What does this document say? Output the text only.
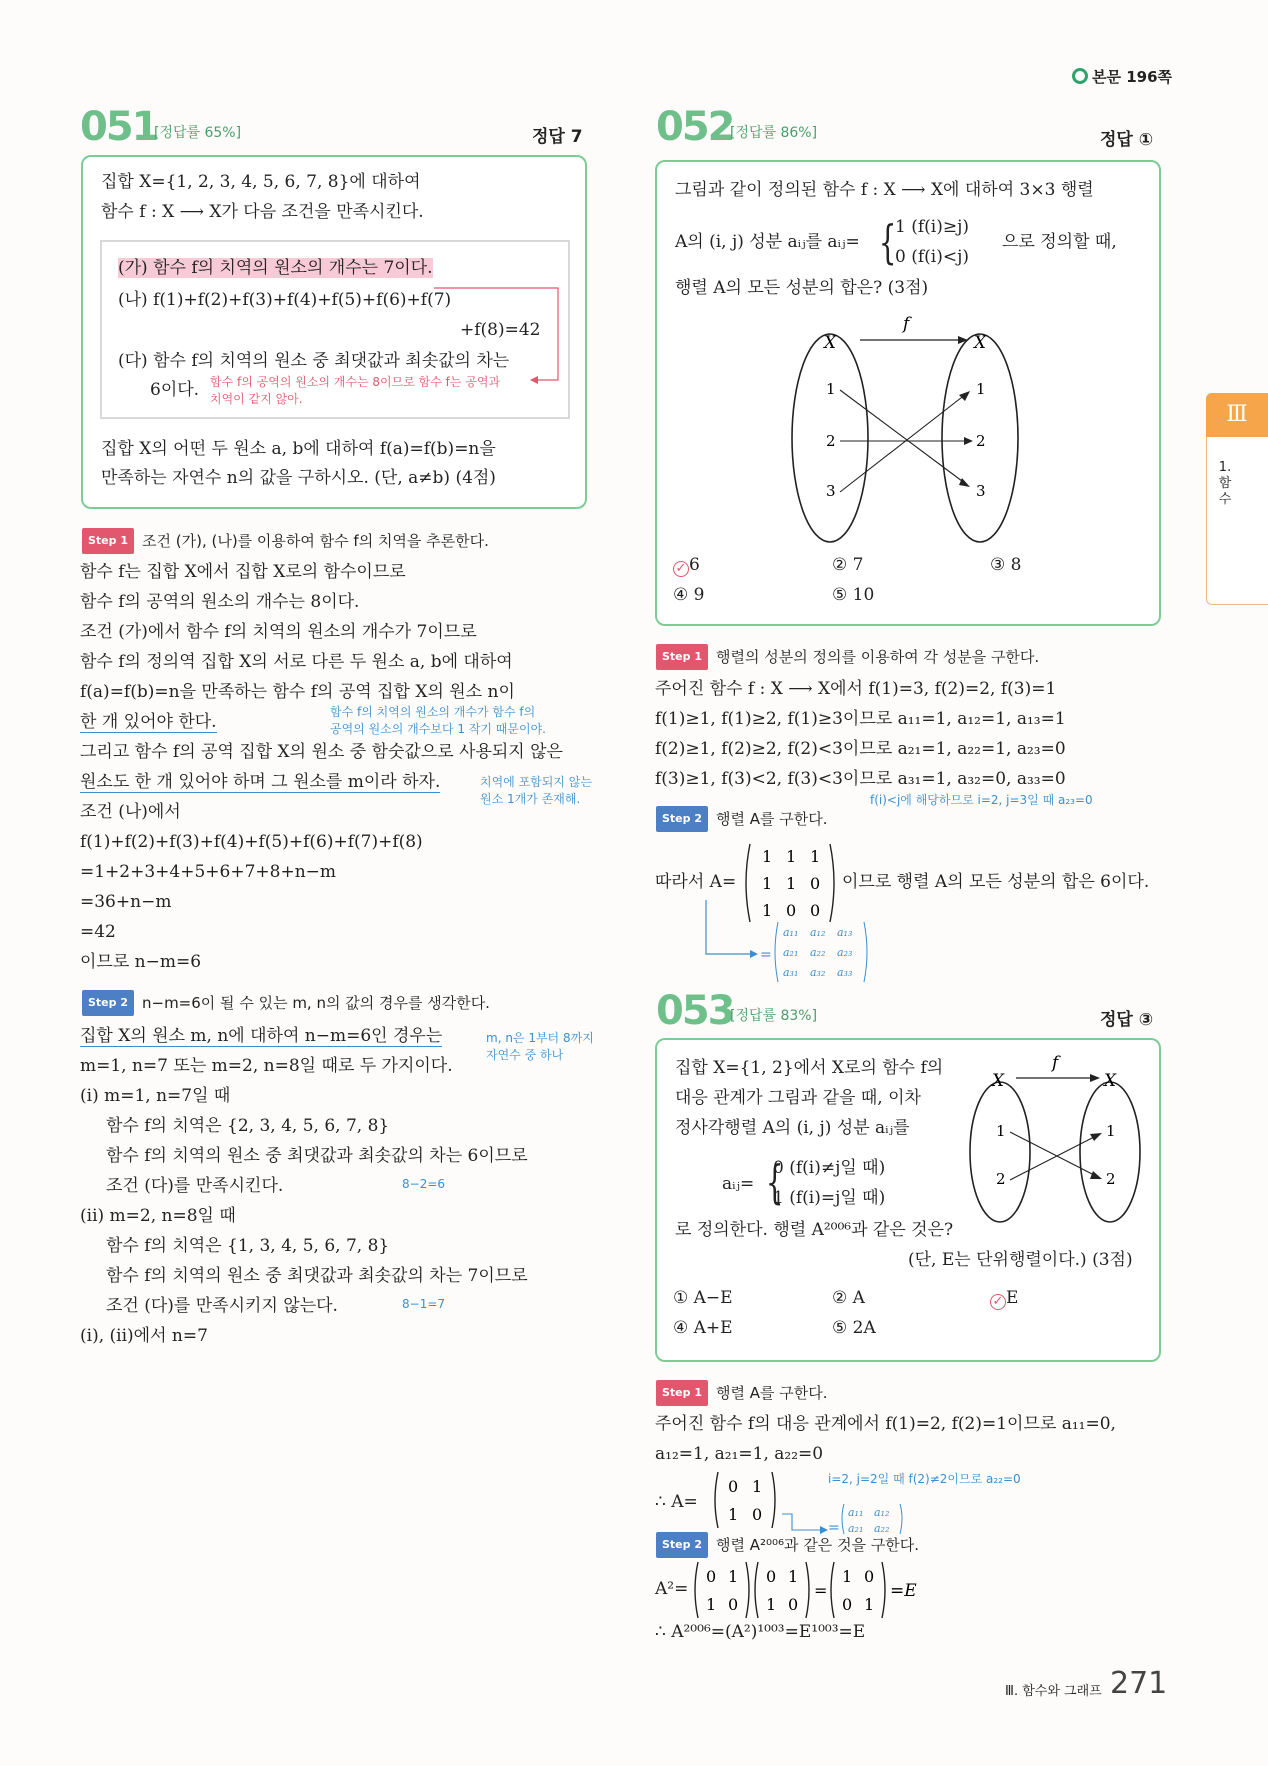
본문 196쪽
Ⅲ
1.
함
수
051
[정답률 65%]	정답 7
집합 X={1, 2, 3, 4, 5, 6, 7, 8}에 대하여
함수 f : X ⟶ X가 다음 조건을 만족시킨다.
(가) 함수 f의 치역의 원소의 개수는 7이다.
(나) f(1)+f(2)+f(3)+f(4)+f(5)+f(6)+f(7)
+f(8)=42
(다) 함수 f의 치역의 원소 중 최댓값과 최솟값의 차는
6이다. 함수 f의 공역의 원소의 개수는 8이므로 함수 f는 공역과
치역이 같지 않아.
집합 X의 어떤 두 원소 a, b에 대하여 f(a)=f(b)=n을
만족하는 자연수 n의 값을 구하시오. (단, a≠b) (4점)
Step 1 조건 (가), (나)를 이용하여 함수 f의 치역을 추론한다.
함수 f는 집합 X에서 집합 X로의 함수이므로
함수 f의 공역의 원소의 개수는 8이다.
조건 (가)에서 함수 f의 치역의 원소의 개수가 7이므로
함수 f의 정의역 집합 X의 서로 다른 두 원소 a, b에 대하여
f(a)=f(b)=n을 만족하는 함수 f의 공역 집합 X의 원소 n이
한 개 있어야 한다.	함수 f의 치역의 원소의 개수가 함수 f의
공역의 원소의 개수보다 1 작기 때문이야.
그리고 함수 f의 공역 집합 X의 원소 중 함숫값으로 사용되지 않은
원소도 한 개 있어야 하며 그 원소를 m이라 하자.	치역에 포함되지 않는
원소 1개가 존재해.
조건 (나)에서
f(1)+f(2)+f(3)+f(4)+f(5)+f(6)+f(7)+f(8)
=1+2+3+4+5+6+7+8+n−m
=36+n−m
=42
이므로 n−m=6
Step 2 n−m=6이 될 수 있는 m, n의 값의 경우를 생각한다.
집합 X의 원소 m, n에 대하여 n−m=6인 경우는	m, n은 1부터 8까지
자연수 중 하나
m=1, n=7 또는 m=2, n=8일 때로 두 가지이다.
(i) m=1, n=7일 때
함수 f의 치역은 {2, 3, 4, 5, 6, 7, 8}
함수 f의 치역의 원소 중 최댓값과 최솟값의 차는 6이므로
조건 (다)를 만족시킨다.	8−2=6
(ii) m=2, n=8일 때
함수 f의 치역은 {1, 3, 4, 5, 6, 7, 8}
함수 f의 치역의 원소 중 최댓값과 최솟값의 차는 7이므로
조건 (다)를 만족시키지 않는다.	8−1=7
(i), (ii)에서 n=7
052
[정답률 86%]	정답 ①
그림과 같이 정의된 함수 f : X ⟶ X에 대하여 3×3 행렬
A의 (i, j) 성분 aᵢⱼ를 aᵢⱼ= {
1 (f(i)≥j)
0 (f(i)<j)
으로 정의할 때,
행렬 A의 모든 성분의 합은? (3점)
X	X
f
1
2
3
1
2
3
✓ 6	② 7	③ 8
④ 9	⑤ 10
Step 1 행렬의 성분의 정의를 이용하여 각 성분을 구한다.
주어진 함수 f : X ⟶ X에서 f(1)=3, f(2)=2, f(3)=1
f(1)≥1, f(1)≥2, f(1)≥3이므로 a₁₁=1, a₁₂=1, a₁₃=1
f(2)≥1, f(2)≥2, f(2)<3이므로 a₂₁=1, a₂₂=1, a₂₃=0
f(3)≥1, f(3)<2, f(3)<3이므로 a₃₁=1, a₃₂=0, a₃₃=0
f(i)<j에 해당하므로 i=2, j=3일 때 a₂₃=0
Step 2 행렬 A를 구한다.
따라서 A=
1 1 1
1 1 0
1 0 0
이므로 행렬 A의 모든 성분의 합은 6이다.
=
a₁₁ a₁₂ a₁₃
a₂₁ a₂₂ a₂₃
a₃₁ a₃₂ a₃₃
053
[정답률 83%]	정답 ③
집합 X={1, 2}에서 X로의 함수 f의
대응 관계가 그림과 같을 때, 이차
정사각행렬 A의 (i, j) 성분 aᵢⱼ를
aᵢⱼ= {
0 (f(i)≠j일 때)
1 (f(i)=j일 때)
로 정의한다. 행렬 A²⁰⁰⁶과 같은 것은?
(단, E는 단위행렬이다.) (3점)
X	X
f
1
2
1
2
① A−E	② A	✓ E
④ A+E	⑤ 2A
Step 1 행렬 A를 구한다.
주어진 함수 f의 대응 관계에서 f(1)=2, f(2)=1이므로 a₁₁=0,
a₁₂=1, a₂₁=1, a₂₂=0
i=2, j=2일 때 f(2)≠2이므로 a₂₂=0
∴ A=
0 1
1 0
=
a₁₁ a₁₂
a₂₁ a₂₂
Step 2 행렬 A²⁰⁰⁶과 같은 것을 구한다.
A²=
0 1
1 0
0 1
1 0
=
1 0
0 1
=E
∴ A²⁰⁰⁶=(A²)¹⁰⁰³=E¹⁰⁰³=E
Ⅲ. 함수와 그래프 271
